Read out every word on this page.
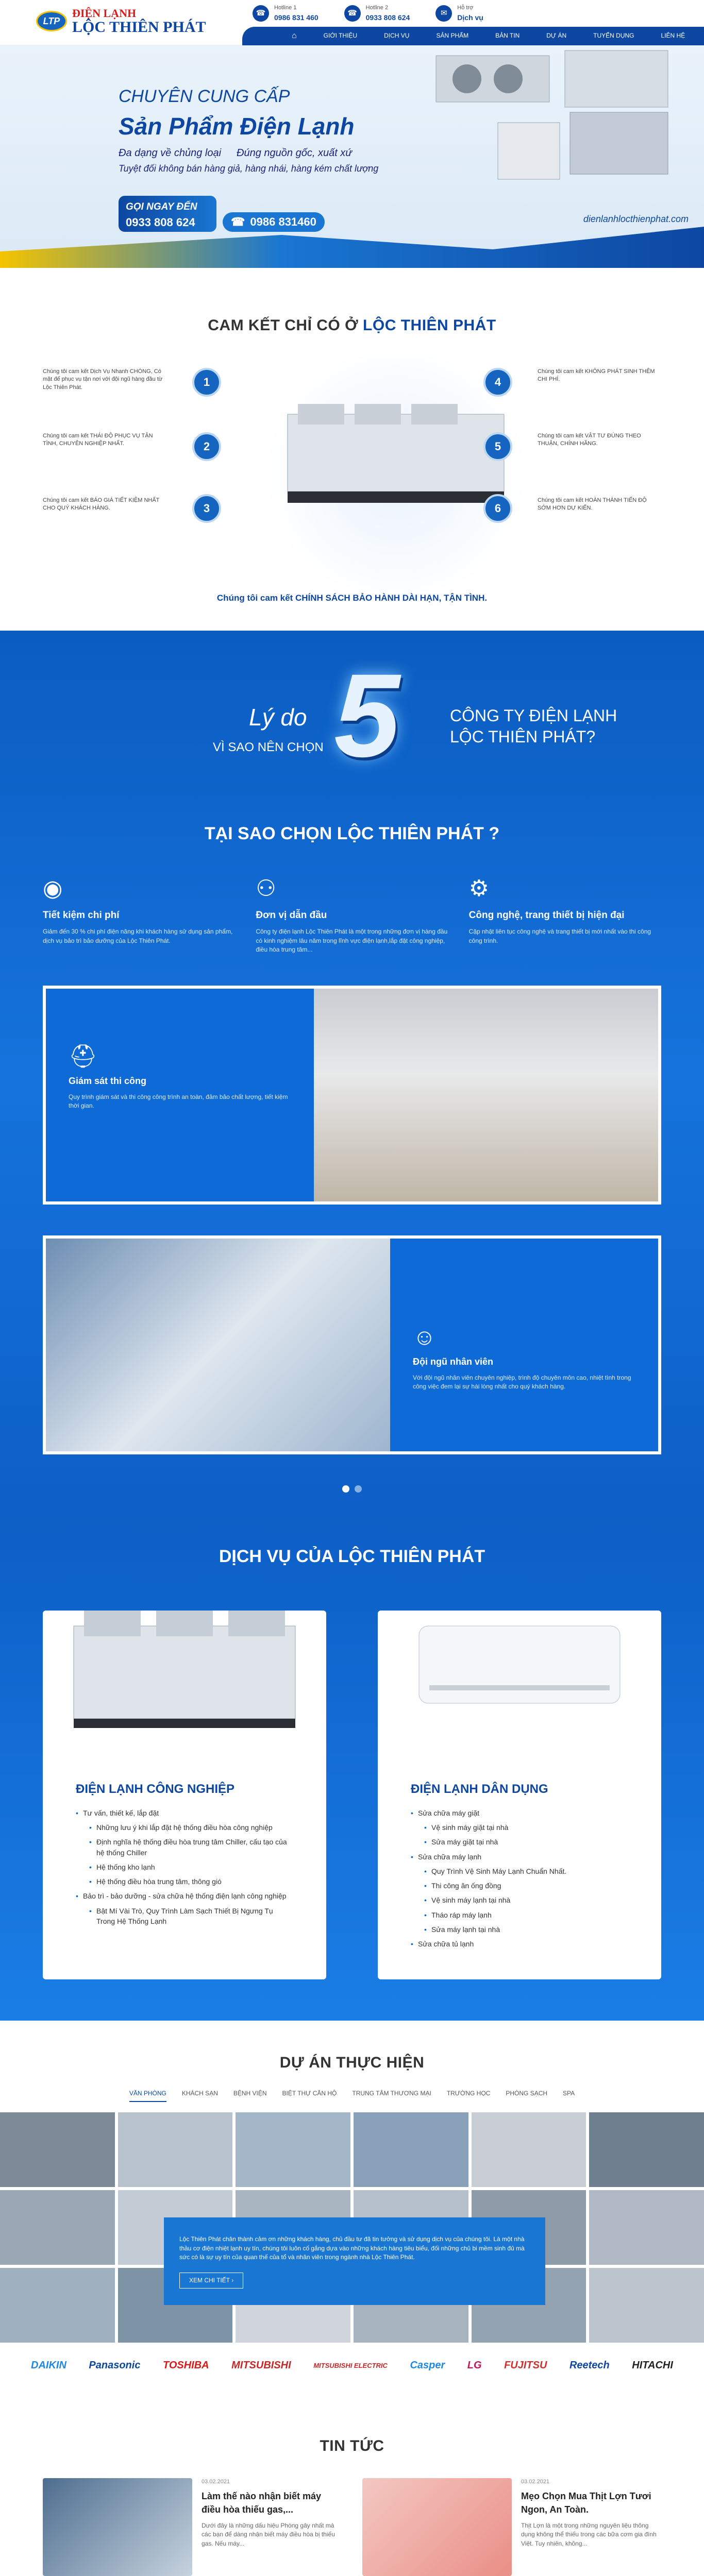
LTP
ĐIỆN LẠNH
LỘC THIÊN PHÁT
☎
Hotline 1
0986 831 460	☎
Hotline 2
0933 808 624	✉
Hỗ trợ
Dịch vụ
⌂	GIỚI THIỆU	DỊCH VỤ	SẢN PHẨM	BẢN TIN	DỰ ÁN	TUYỂN DỤNG	LIÊN HỆ
CHUYÊN CUNG CẤP
Sản Phẩm Điện Lạnh
Đa dạng về chủng loại Đúng nguồn gốc, xuất xứ
Tuyệt đối không bán hàng giả, hàng nhái, hàng kém chất lượng
GỌI NGAY ĐẾN
0933 808 624	☎ 0986 831460	dienlanhlocthienphat.com
CAM KẾT CHỈ CÓ Ở LỘC THIÊN PHÁT
Chúng tôi cam kết Dịch Vụ Nhanh CHÓNG, Có mặt để phục vụ tận nơi với đội ngũ hàng đầu từ Lộc Thiên Phát.	1
Chúng tôi cam kết THÁI ĐỘ PHỤC VỤ TẬN TÌNH, CHUYÊN NGHIỆP NHẤT.	2
Chúng tôi cam kết BÁO GIÁ TIẾT KIỆM NHẤT CHO QUÝ KHÁCH HÀNG.	3
4
Chúng tôi cam kết KHÔNG PHÁT SINH THÊM CHI PHÍ.
5
Chúng tôi cam kết VẬT TƯ ĐÚNG THEO THUẬN, CHÍNH HÃNG.
6
Chúng tôi cam kết HOÀN THÀNH TIẾN ĐỘ SỚM HƠN DỰ KIẾN.
Chúng tôi cam kết CHÍNH SÁCH BẢO HÀNH DÀI HẠN, TẬN TÌNH.
Lý do
VÌ SAO NÊN CHỌN 5	CÔNG TY ĐIỆN LẠNH
LỘC THIÊN PHÁT?
TẠI SAO CHỌN LỘC THIÊN PHÁT ?
◉
Tiết kiệm chi phí

Giảm đến 30 % chi phí điện năng khi khách hàng sử dụng sản phẩm, dịch vụ bảo trì bảo dưỡng của Lộc Thiên Phát.

⚇
Đơn vị dẫn đầu

Công ty điện lạnh Lộc Thiên Phát là một trong những đơn vị hàng đầu có kinh nghiệm lâu năm trong lĩnh vực điện lạnh,lắp đặt công nghiệp, điều hòa trung tâm...

⚙
Công nghệ, trang thiết bị hiện đại

Cập nhật liên tục công nghệ và trang thiết bị mới nhất vào thi công công trình.

⛑
Giám sát thi công

Quy trình giám sát và thi công công trình an toàn, đảm bảo chất lượng, tiết kiệm thời gian.

☺
Đội ngũ nhân viên

Với đội ngũ nhân viên chuyên nghiệp, trình độ chuyên môn cao, nhiệt tình trong công việc đem lại sự hài lòng nhất cho quý khách hàng.

DỊCH VỤ CỦA LỘC THIÊN PHÁT
ĐIỆN LẠNH CÔNG NGHIỆP
• Tư vấn, thiết kế, lắp đặt
• Những lưu ý khi lắp đặt hệ thống điều hòa công nghiệp
• Định nghĩa hệ thống điều hòa trung tâm Chiller, cấu tạo của hệ thống Chiller
• Hệ thống kho lạnh
• Hệ thống điều hòa trung tâm, thông gió
• Bảo trì - bảo dưỡng - sửa chữa hệ thống điện lạnh công nghiệp
• Bật Mí Vài Trò, Quy Trình Làm Sạch Thiết Bị Ngưng Tụ Trong Hệ Thống Lạnh
ĐIỆN LẠNH DÂN DỤNG
• Sửa chữa máy giặt
• Vệ sinh máy giặt tại nhà
• Sửa máy giặt tại nhà
• Sửa chữa máy lạnh
• Quy Trình Vệ Sinh Máy Lạnh Chuẩn Nhất.
• Thi công ăn ống đồng
• Vệ sinh máy lạnh tại nhà
• Tháo ráp máy lạnh
• Sửa máy lạnh tại nhà
• Sửa chữa tủ lạnh
DỰ ÁN THỰC HIỆN
VĂN PHÒNG	KHÁCH SẠN	BỆNH VIỆN	BIỆT THỰ CĂN HỘ	TRUNG TÂM THƯƠNG MẠI	TRƯỜNG HỌC	PHÒNG SẠCH	SPA

Lộc Thiên Phát chân thành cảm ơn những khách hàng, chủ đầu tư đã tin tưởng và sử dụng dịch vụ của chúng tôi. Là một nhà thầu cơ điện nhiệt lạnh uy tín, chúng tôi luôn cố gắng dựa vào những khách hàng tiêu biểu, đối những chủ bi mềm sinh đủ mà sức có là sự uy tín của quan thế của tổ và nhân viên trong ngành nhà Lộc Thiên Phát.

XEM CHI TIẾT ›
DAIKIN Panasonic TOSHIBA MITSUBISHI	MITSUBISHI ELECTRIC Casper LG FUJITSU Reetech HITACHI
TIN TỨC
03.02.2021
Làm thế nào nhận biết máy điều hòa thiếu gas,...

Dưới đây là những dấu hiệu Phòng gây nhất mà các bạn để dàng nhận biết máy điều hòa bị thiếu gas. Nếu máy...

03.02.2021
Mẹo Chọn Mua Thịt Lợn Tươi Ngon, An Toàn.

Thịt Lợn là một trong những nguyên liệu thông dụng không thể thiếu trong các bữa cơm gia đình Việt. Tuy nhiên, không...
